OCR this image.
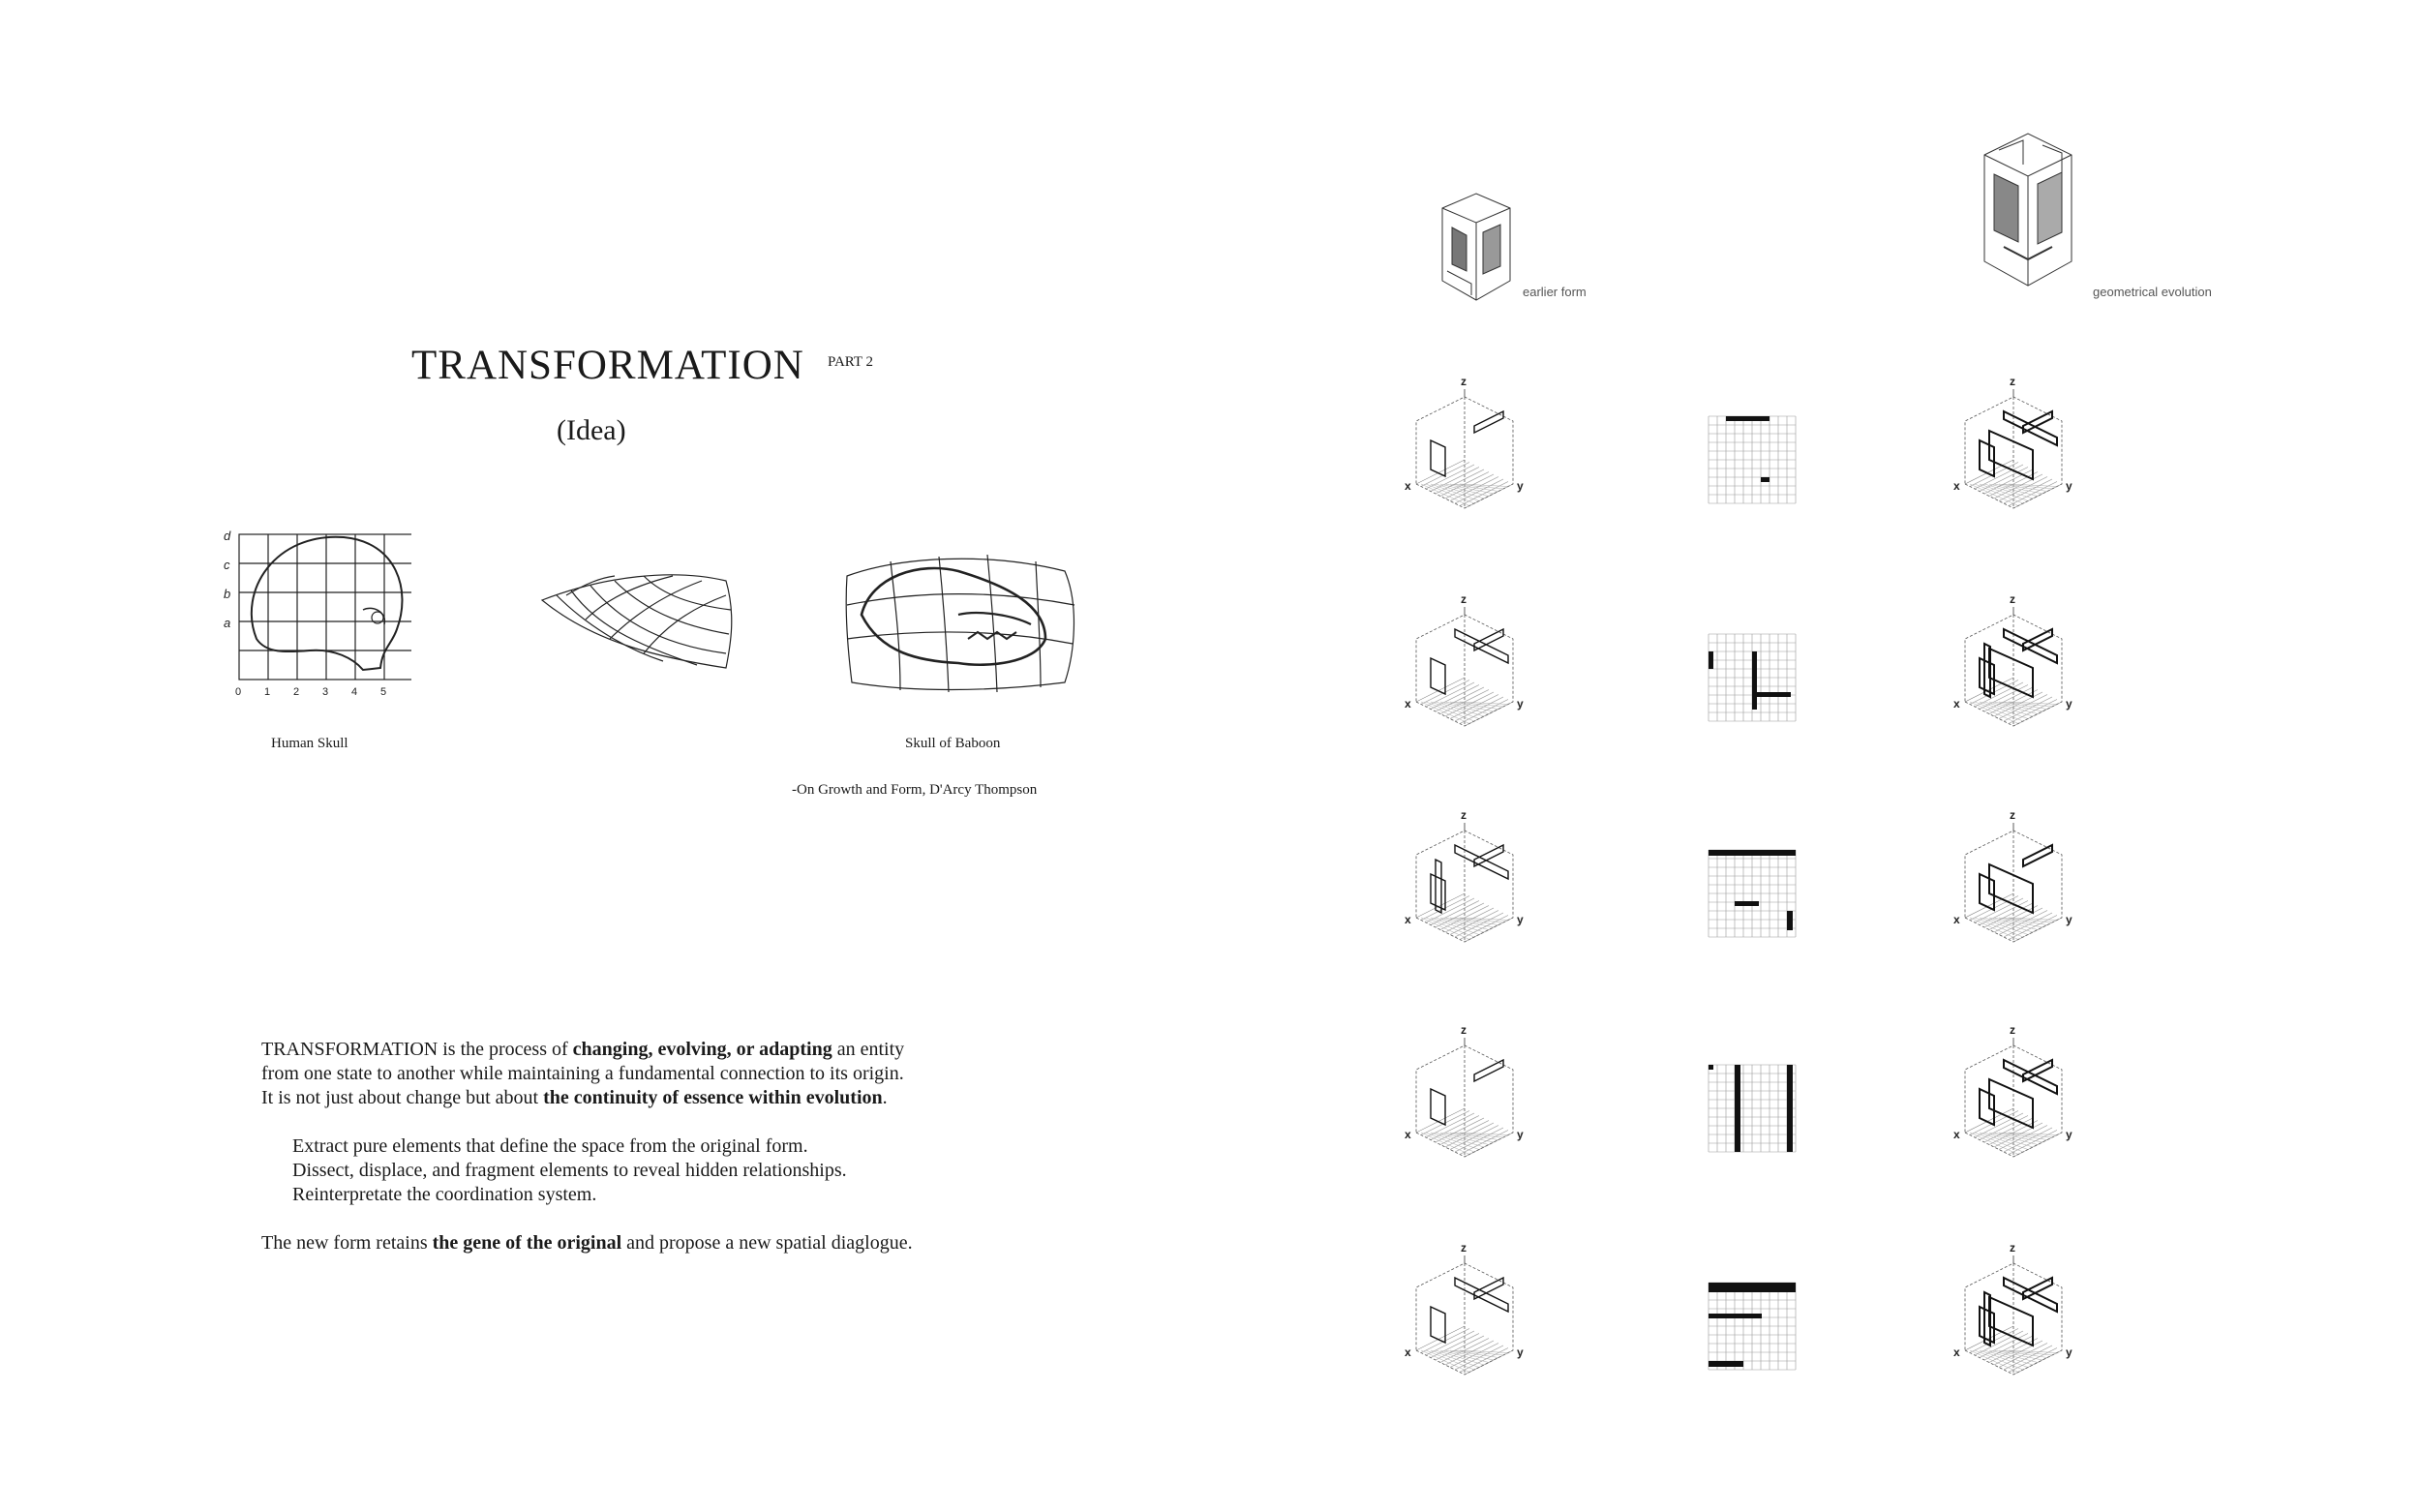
TRANSFORMATION PART 2
(Idea)
d
c
b
a
0 1 2 3 4 5
Human Skull	Skull of Baboon
-On Growth and Form, D'Arcy Thompson

TRANSFORMATION is the process of changing, evolving, or adapting an entity

from one state to another while maintaining a fundamental connection to its origin.

It is not just about change but about the continuity of essence within evolution.

Extract pure elements that define the space from the original form.

Dissect, displace, and fragment elements to reveal hidden relationships.

Reinterpretate the coordination system.

The new form retains the gene of the original and propose a new spatial diaglogue.

earlier form	geometrical evolution
z
x	y
z
x	y
z
x	y
z
x	y
z
x	y
z
x	y
z
x	y
z
x	y
z
x	y
z
x	y
